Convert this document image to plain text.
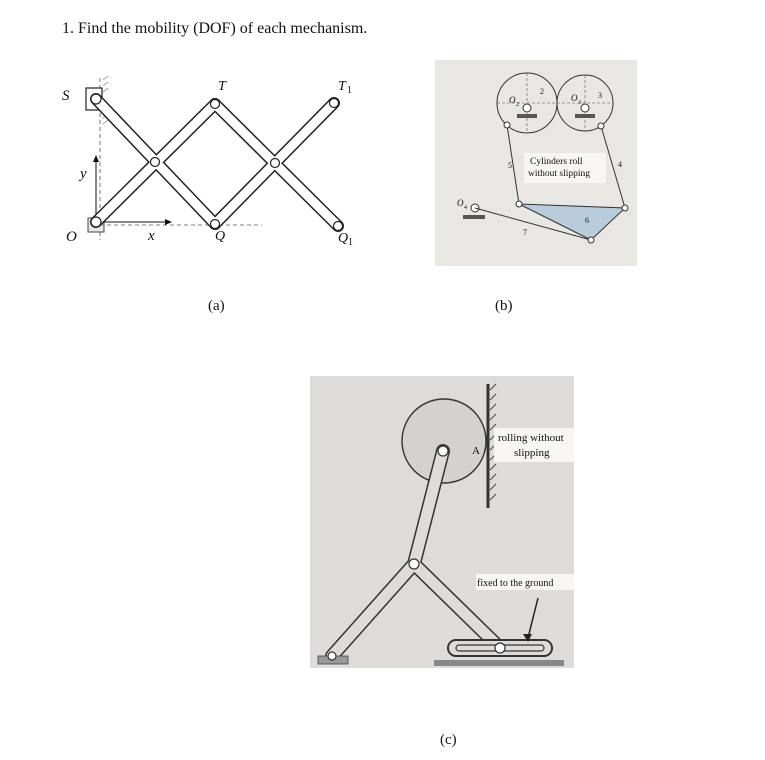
1. Find the mobility (DOF) of each mechanism.
S
T	T 1
y
O	x	Q	Q 1
Cylinders roll
without slipping
O 2
O 3
O 4
2	3
4
5
6
7
rolling without
slipping
A
fixed to the ground
(a)	(b)
(c)
